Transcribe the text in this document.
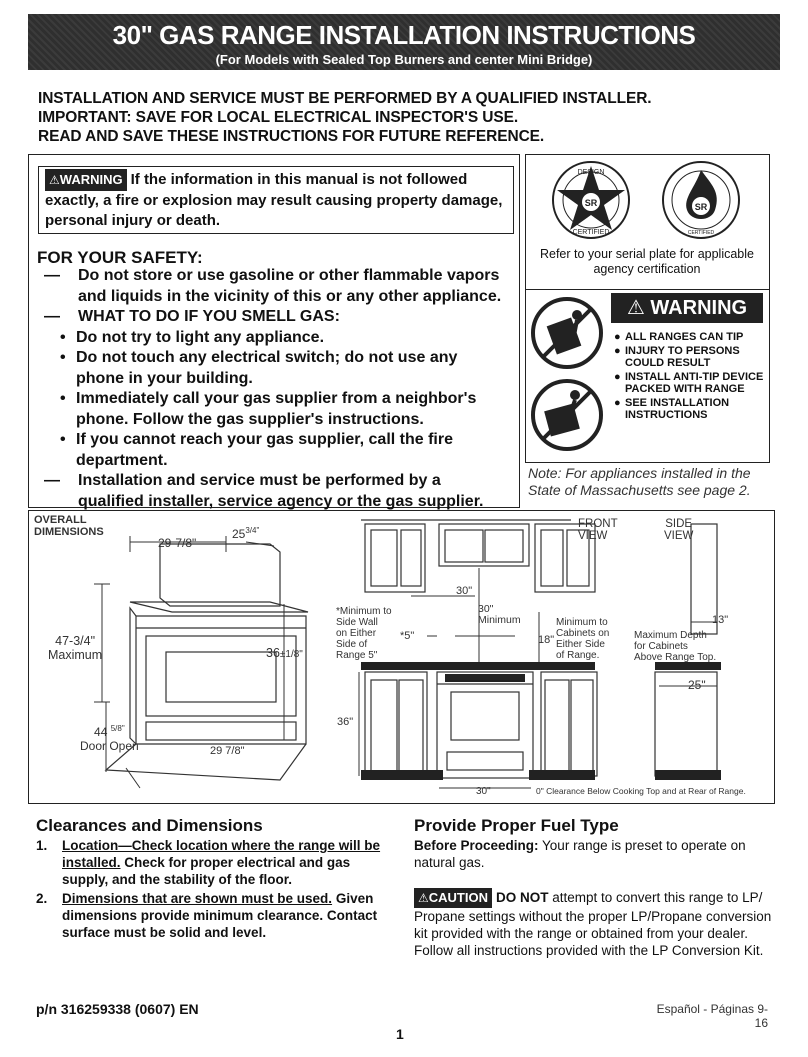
30" GAS RANGE INSTALLATION INSTRUCTIONS
(For Models with Sealed Top Burners and center Mini Bridge)
INSTALLATION AND SERVICE MUST BE PERFORMED BY A QUALIFIED INSTALLER.
IMPORTANT: SAVE FOR LOCAL ELECTRICAL INSPECTOR'S USE.
READ AND SAVE THESE INSTRUCTIONS FOR FUTURE REFERENCE.
⚠WARNING If the information in this manual is not followed exactly, a fire or explosion may result causing property damage, personal injury or death.
FOR YOUR SAFETY:
— Do not store or use gasoline or other flammable vapors and liquids in the vicinity of this or any other appliance.
— WHAT TO DO IF YOU SMELL GAS:
• Do not try to light any appliance.
• Do not touch any electrical switch; do not use any phone in your building.
• Immediately call your gas supplier from a neighbor's phone. Follow the gas supplier's instructions.
• If you cannot reach your gas supplier, call the fire department.
— Installation and service must be performed by a qualified installer, service agency or the gas supplier.
SR
DESIGN
CERTIFIED
SR
CERTIFIED
Refer to your serial plate for applicable agency certification
⚠ WARNING
● ALL RANGES CAN TIP
● INJURY TO PERSONS COULD RESULT
● INSTALL ANTI-TIP DEVICE PACKED WITH RANGE
● SEE INSTALLATION INSTRUCTIONS
Note: For appliances installed in the State of Massachusetts see page 2.
OVERALL
DIMENSIONS
29-7/8"
$25^{3/4"}$
47-3/4"
Maximum	36±1/8"
44 $^{5/8"}$
Door Open	29 7/8"
FRONT
VIEW
SIDE
VIEW
*Minimum to
Side Wall
on Either
Side of
Range 5"
*5"
30"
30"
Minimum
18"
Minimum to
Cabinets on
Either Side
of Range.
13"
Maximum Depth
for Cabinets
Above Range Top.
25"
36"
30"	0" Clearance Below Cooking Top and at Rear of Range.
Clearances and Dimensions
1. Location—Check location where the range will be installed. Check for proper electrical and gas supply, and the stability of the floor.
2. Dimensions that are shown must be used. Given dimensions provide minimum clearance. Contact surface must be solid and level.
Provide Proper Fuel Type
Before Proceeding: Your range is preset to operate on natural gas.
⚠CAUTION DO NOT attempt to convert this range to LP/ Propane settings without the proper LP/Propane conversion kit provided with the range or obtained from your dealer. Follow all instructions provided with the LP Conversion Kit.
p/n 316259338 (0607) EN	Español - Páginas 9-16
1
